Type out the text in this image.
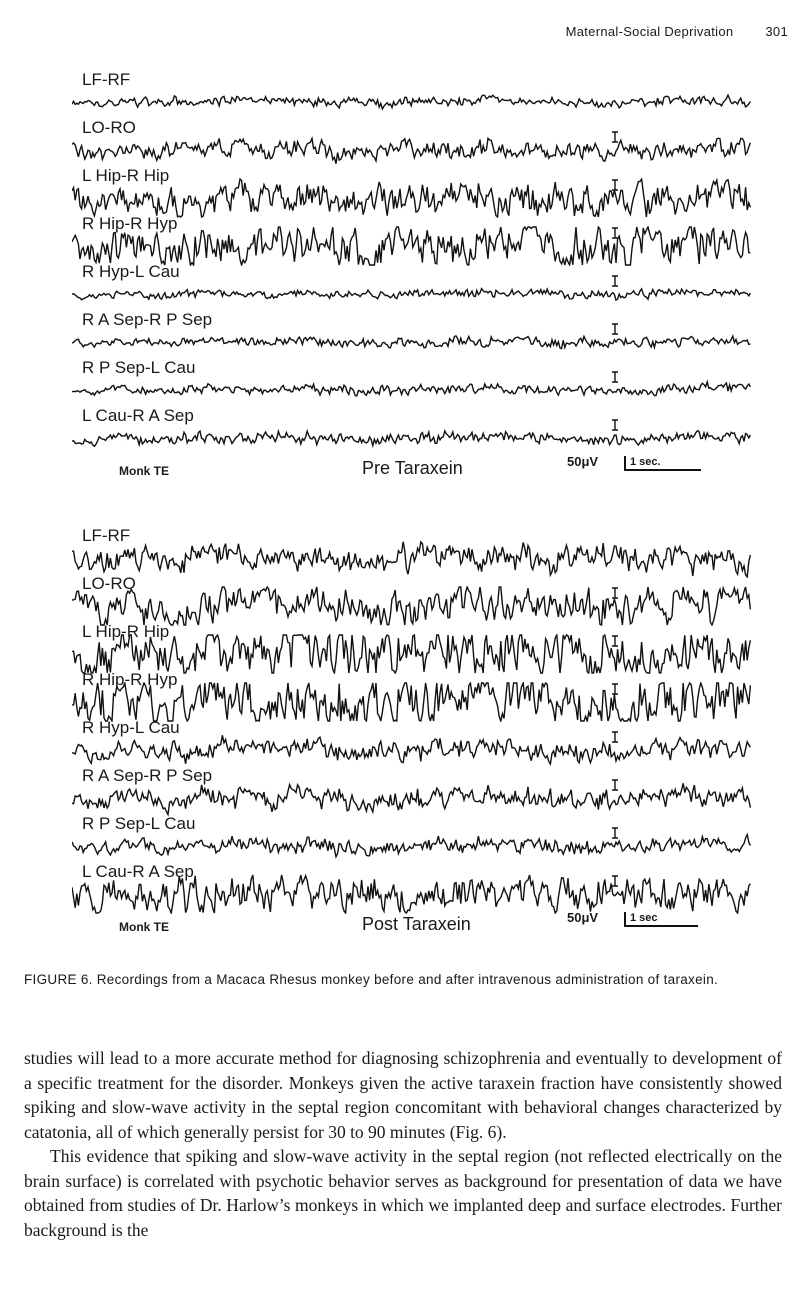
Maternal-Social Deprivation 301
LF-RF
LO-RO
L Hip-R Hip
R Hip-R Hyp
R Hyp-L Cau
R A Sep-R P Sep
R P Sep-L Cau
L Cau-R A Sep
Monk TE	Pre Taraxein	50μV	1 sec.
LF-RF
LO-RO
L Hip-R Hip
R Hip-R Hyp
R Hyp-L Cau
R A Sep-R P Sep
R P Sep-L Cau
L Cau-R A Sep
Monk TE	Post Taraxein	50μV	1 sec
FIGURE 6. Recordings from a Macaca Rhesus monkey before and after intravenous administration of taraxein.

studies will lead to a more accurate method for diagnosing schizophrenia and eventually to development of a specific treatment for the disorder. Monkeys given the active taraxein fraction have consistently showed spiking and slow-wave activity in the septal region concomitant with behavioral changes characterized by catatonia, all of which generally persist for 30 to 90 minutes (Fig. 6).

This evidence that spiking and slow-wave activity in the septal region (not reflected electrically on the brain surface) is correlated with psychotic behavior serves as background for presentation of data we have obtained from studies of Dr. Harlow’s monkeys in which we implanted deep and surface electrodes. Further background is the
